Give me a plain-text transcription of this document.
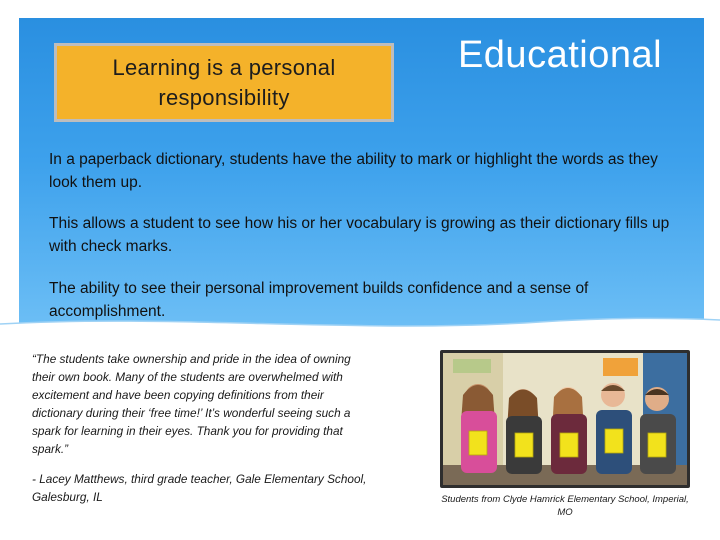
Learning is a personal responsibility
Educational
In a paperback dictionary, students have the ability to mark or highlight the words as they look them up.
This allows a student to see how his or her vocabulary is growing as their dictionary fills up with check marks.
The ability to see their personal improvement builds confidence and a sense of accomplishment.
“The students take ownership and pride in the idea of owning their own book. Many of the students are overwhelmed with excitement and have been copying definitions from their dictionary during their ‘free time!’ It’s wonderful seeing such a spark for learning in their eyes. Thank you for providing that spark.”
- Lacey Matthews, third grade teacher, Gale Elementary School, Galesburg, IL	Students from Clyde Hamrick Elementary School, Imperial, MO
